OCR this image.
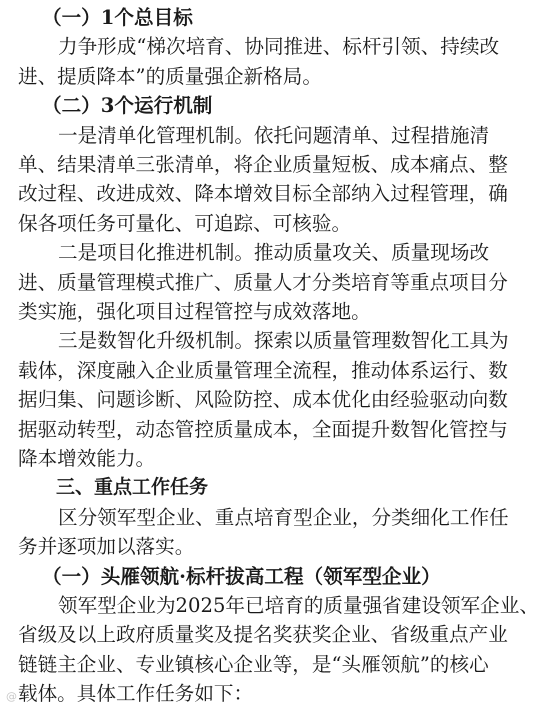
（一）1个总目标

力争形成“梯次培育、协同推进、标杆引领、持续改

进、提质降本”的质量强企新格局。

（二）3个运行机制

一是清单化管理机制。依托问题清单、过程措施清

单、结果清单三张清单，将企业质量短板、成本痛点、整

改过程、改进成效、降本增效目标全部纳入过程管理，确

保各项任务可量化、可追踪、可核验。

二是项目化推进机制。推动质量攻关、质量现场改

进、质量管理模式推广、质量人才分类培育等重点项目分

类实施，强化项目过程管控与成效落地。

三是数智化升级机制。探索以质量管理数智化工具为

载体，深度融入企业质量管理全流程，推动体系运行、数

据归集、问题诊断、风险防控、成本优化由经验驱动向数

据驱动转型，动态管控质量成本，全面提升数智化管控与

降本增效能力。

三、重点工作任务

区分领军型企业、重点培育型企业，分类细化工作任

务并逐项加以落实。

（一）头雁领航·标杆拔高工程（领军型企业）

领军型企业为2025年已培育的质量强省建设领军企业、

省级及以上政府质量奖及提名奖获奖企业、省级重点产业

链链主企业、专业镇核心企业等，是“头雁领航”的核心

载体。具体工作任务如下：

@
